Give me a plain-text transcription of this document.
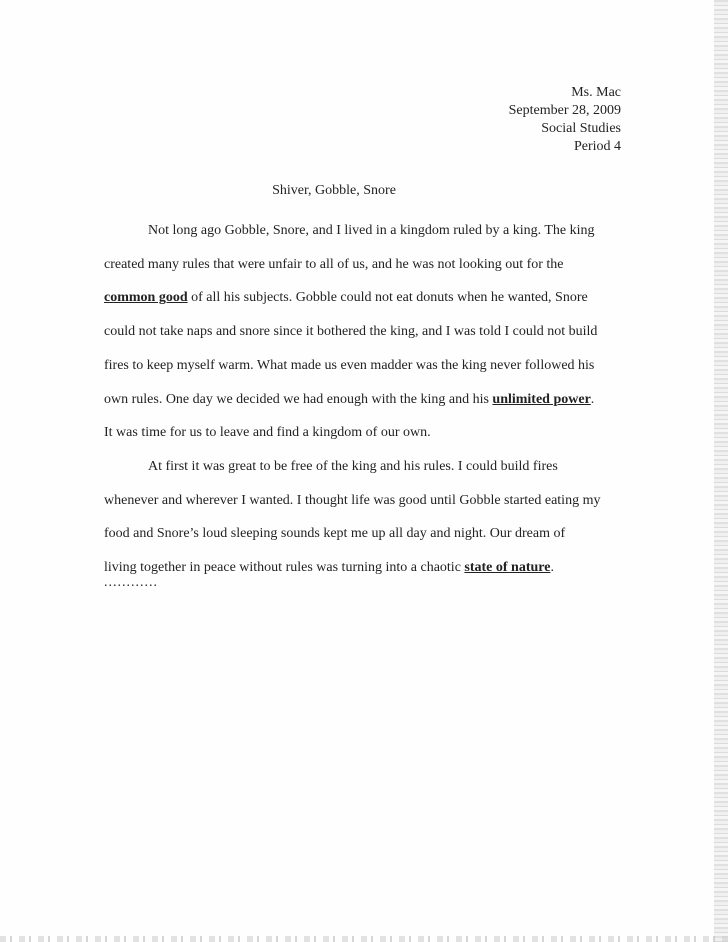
Ms. Mac
September 28, 2009
Social Studies
Period 4
Shiver, Gobble, Snore
Not long ago Gobble, Snore, and I lived in a kingdom ruled by a king. The king
created many rules that were unfair to all of us, and he was not looking out for the
common good of all his subjects. Gobble could not eat donuts when he wanted, Snore
could not take naps and snore since it bothered the king, and I was told I could not build
fires to keep myself warm. What made us even madder was the king never followed his
own rules. One day we decided we had enough with the king and his unlimited power.
It was time for us to leave and find a kingdom of our own.
At first it was great to be free of the king and his rules. I could build fires
whenever and wherever I wanted. I thought life was good until Gobble started eating my
food and Snore’s loud sleeping sounds kept me up all day and night. Our dream of
living together in peace without rules was turning into a chaotic state of nature.
............
